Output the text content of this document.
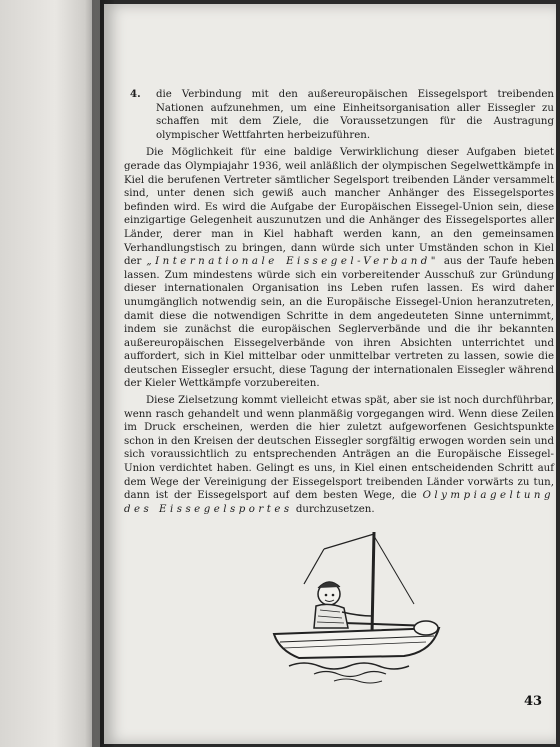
4. die Verbindung mit den außereuropäischen Eissegelsport treibenden Nationen aufzunehmen, um eine Einheitsorganisation aller Eissegler zu schaffen mit dem Ziele, die Voraussetzungen für die Austragung olympischer Wettfahrten herbeizuführen.

Die Möglichkeit für eine baldige Verwirklichung dieser Aufgaben bietet gerade das Olympiajahr 1936, weil anläßlich der olympischen Segelwettkämpfe in Kiel die berufenen Vertreter sämtlicher Segelsport treibenden Länder versammelt sind, unter denen sich gewiß auch mancher Anhänger des Eissegelsportes befinden wird. Es wird die Aufgabe der Europäischen Eissegel-Union sein, diese einzigartige Gelegenheit auszunutzen und die Anhänger des Eissegelsportes aller Länder, derer man in Kiel habhaft werden kann, an den gemeinsamen Verhandlungstisch zu bringen, dann würde sich unter Umständen schon in Kiel der „Internationale Eissegel-Verband" aus der Taufe heben lassen. Zum mindestens würde sich ein vorbereitender Ausschuß zur Gründung dieser internationalen Organisation ins Leben rufen lassen. Es wird daher unumgänglich notwendig sein, an die Europäische Eissegel-Union heranzutreten, damit diese die notwendigen Schritte in dem angedeuteten Sinne unternimmt, indem sie zunächst die europäischen Seglerverbände und die ihr bekannten außereuropäischen Eissegelverbände von ihren Absichten unterrichtet und auffordert, sich in Kiel mittelbar oder unmittelbar vertreten zu lassen, sowie die deutschen Eissegler ersucht, diese Tagung der internationalen Eissegler während der Kieler Wettkämpfe vorzubereiten.

Diese Zielsetzung kommt vielleicht etwas spät, aber sie ist noch durchführbar, wenn rasch gehandelt und wenn planmäßig vorgegangen wird. Wenn diese Zeilen im Druck erscheinen, werden die hier zuletzt aufgeworfenen Gesichtspunkte schon in den Kreisen der deutschen Eissegler sorgfältig erwogen worden sein und sich voraussichtlich zu entsprechenden Anträgen an die Europäische Eissegel-Union verdichtet haben. Gelingt es uns, in Kiel einen entscheidenden Schritt auf dem Wege der Vereinigung der Eissegelsport treibenden Länder vorwärts zu tun, dann ist der Eissegelsport auf dem besten Wege, die Olympiageltung des Eissegelsportes durchzusetzen.

43
